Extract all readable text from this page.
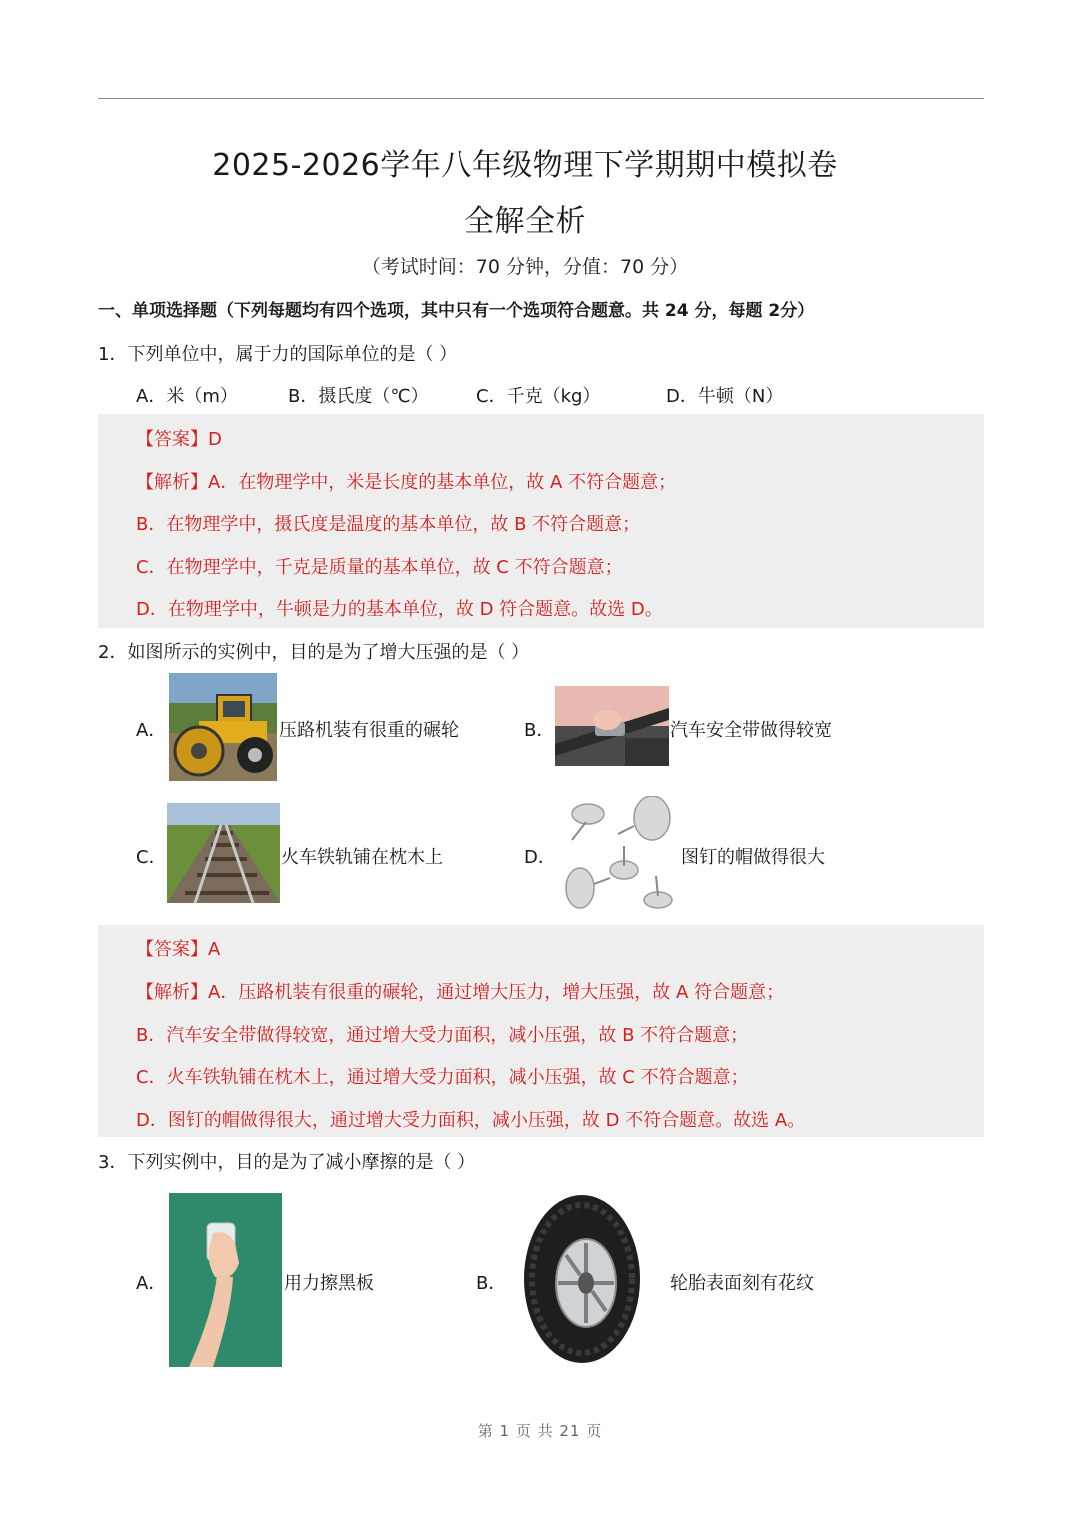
2025-2026学年八年级物理下学期期中模拟卷
全解全析
（考试时间：70 分钟，分值：70 分）
一、单项选择题（下列每题均有四个选项，其中只有一个选项符合题意。共 24 分，每题 2分）
1．下列单位中，属于力的国际单位的是（ ）
A．米（m）	B．摄氏度（℃）	C．千克（kg）	D．牛顿（N）
【答案】D
【解析】A．在物理学中，米是长度的基本单位，故 A 不符合题意；
B．在物理学中，摄氏度是温度的基本单位，故 B 不符合题意；
C．在物理学中，千克是质量的基本单位，故 C 不符合题意；
D．在物理学中，牛顿是力的基本单位，故 D 符合题意。故选 D。
2．如图所示的实例中，目的是为了增大压强的是（ ）
A．	压路机装有很重的碾轮	B．	汽车安全带做得较宽
C．	火车铁轨铺在枕木上	D．	图钉的帽做得很大
【答案】A
【解析】A．压路机装有很重的碾轮，通过增大压力，增大压强，故 A 符合题意；
B．汽车安全带做得较宽，通过增大受力面积，减小压强，故 B 不符合题意；
C．火车铁轨铺在枕木上，通过增大受力面积，减小压强，故 C 不符合题意；
D．图钉的帽做得很大，通过增大受力面积，减小压强，故 D 不符合题意。故选 A。
3．下列实例中，目的是为了减小摩擦的是（ ）
A．	用力擦黑板	B．	轮胎表面刻有花纹
第 1 页 共 21 页
